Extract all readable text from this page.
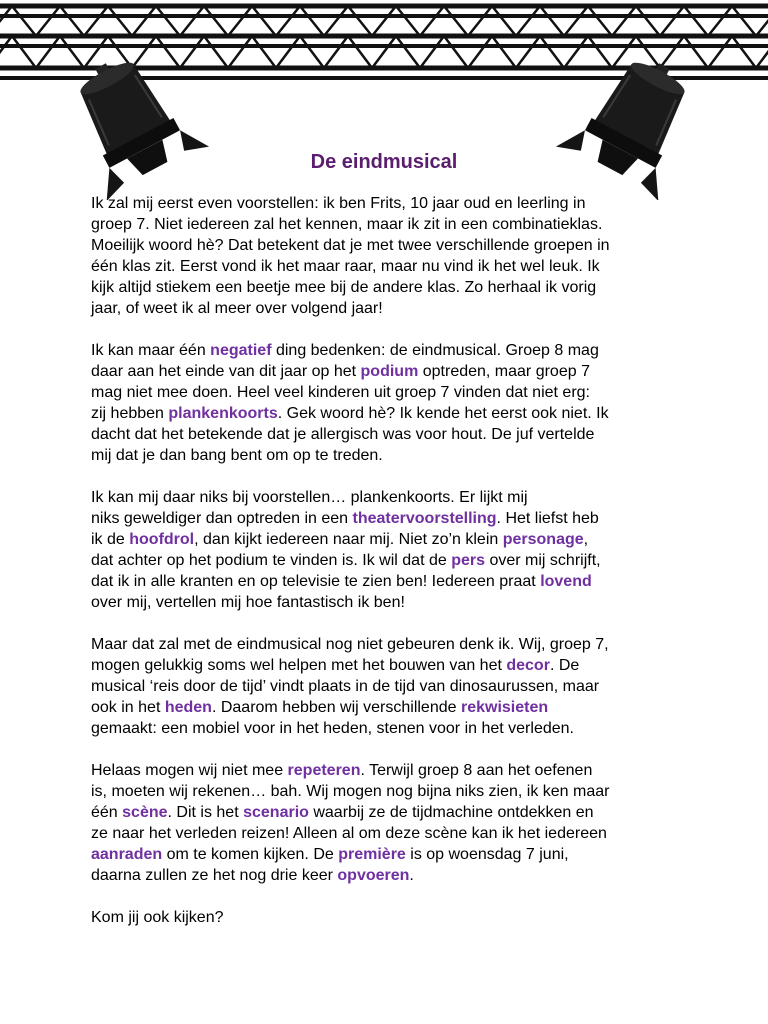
De eindmusical
Ik zal mij eerst even voorstellen: ik ben Frits, 10 jaar oud en leerling in
groep 7. Niet iedereen zal het kennen, maar ik zit in een combinatieklas.
Moeilijk woord hè? Dat betekent dat je met twee verschillende groepen in
één klas zit. Eerst vond ik het maar raar, maar nu vind ik het wel leuk. Ik
kijk altijd stiekem een beetje mee bij de andere klas. Zo herhaal ik vorig
jaar, of weet ik al meer over volgend jaar!
Ik kan maar één negatief ding bedenken: de eindmusical. Groep 8 mag
daar aan het einde van dit jaar op het podium optreden, maar groep 7
mag niet mee doen. Heel veel kinderen uit groep 7 vinden dat niet erg:
zij hebben plankenkoorts. Gek woord hè? Ik kende het eerst ook niet. Ik
dacht dat het betekende dat je allergisch was voor hout. De juf vertelde
mij dat je dan bang bent om op te treden.
Ik kan mij daar niks bij voorstellen… plankenkoorts. Er lijkt mij
niks geweldiger dan optreden in een theatervoorstelling. Het liefst heb
ik de hoofdrol, dan kijkt iedereen naar mij. Niet zo’n klein personage,
dat achter op het podium te vinden is. Ik wil dat de pers over mij schrijft,
dat ik in alle kranten en op televisie te zien ben! Iedereen praat lovend
over mij, vertellen mij hoe fantastisch ik ben!
Maar dat zal met de eindmusical nog niet gebeuren denk ik. Wij, groep 7,
mogen gelukkig soms wel helpen met het bouwen van het decor. De
musical ‘reis door de tijd’ vindt plaats in de tijd van dinosaurussen, maar
ook in het heden. Daarom hebben wij verschillende rekwisieten
gemaakt: een mobiel voor in het heden, stenen voor in het verleden.
Helaas mogen wij niet mee repeteren. Terwijl groep 8 aan het oefenen
is, moeten wij rekenen… bah. Wij mogen nog bijna niks zien, ik ken maar
één scène. Dit is het scenario waarbij ze de tijdmachine ontdekken en
ze naar het verleden reizen! Alleen al om deze scène kan ik het iedereen
aanraden om te komen kijken. De première is op woensdag 7 juni,
daarna zullen ze het nog drie keer opvoeren.
Kom jij ook kijken?
